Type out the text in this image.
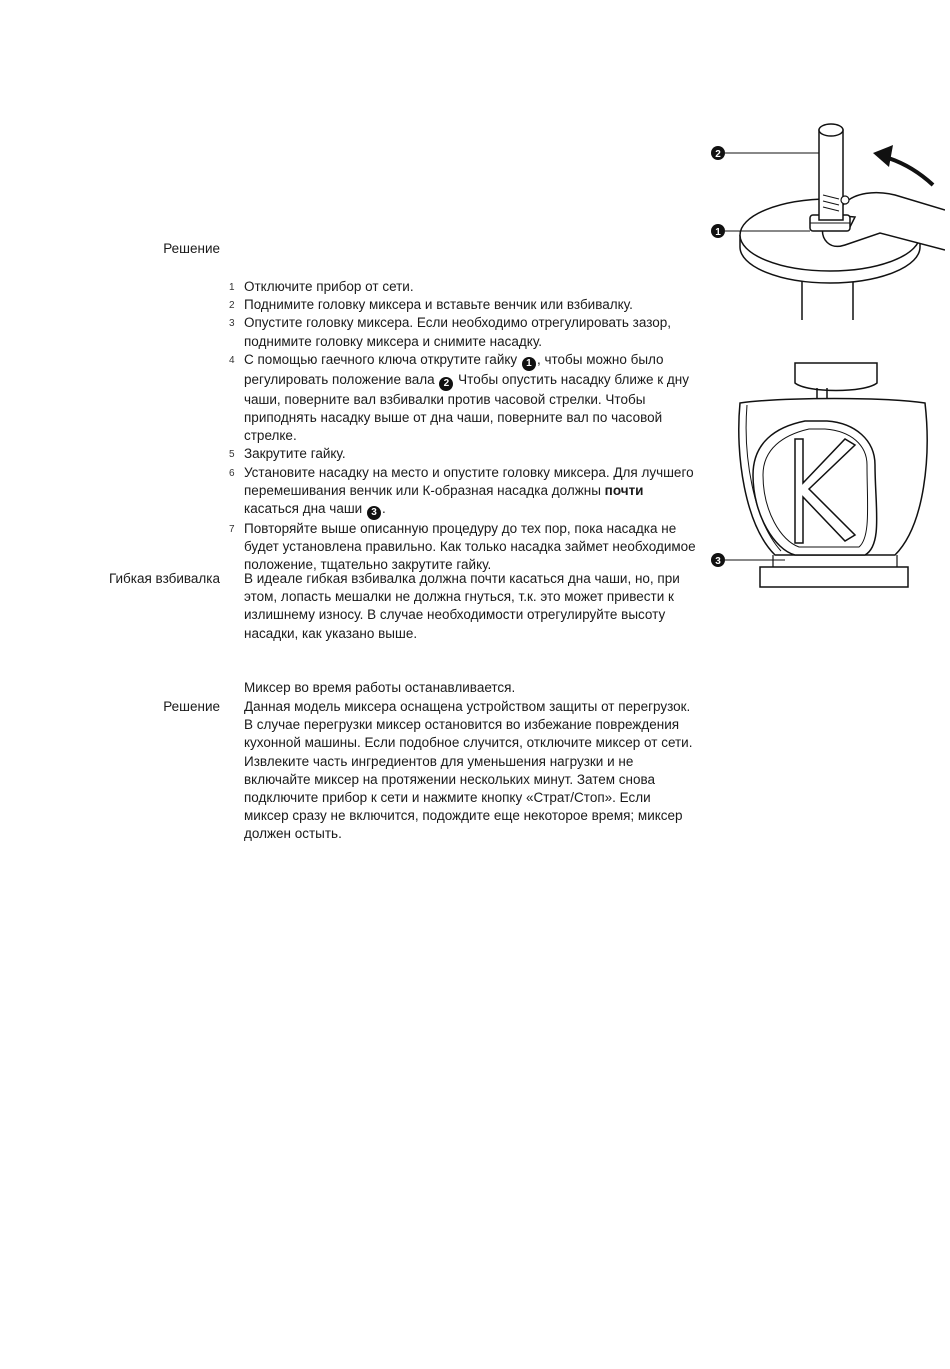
Решение
1 Отключите прибор от сети.
2 Поднимите головку миксера и вставьте венчик или взбивалку.
3 Опустите головку миксера. Если необходимо отрегулировать зазор, поднимите головку миксера и снимите насадку.
4 С помощью гаечного ключа открутите гайку 1 , чтобы можно было регулировать положение вала 2 Чтобы опустить насадку ближе к дну чаши, поверните вал взбивалки против часовой стрелки. Чтобы приподнять насадку выше от дна чаши, поверните вал по часовой стрелке.
5 Закрутите гайку.
6 Установите насадку на место и опустите головку миксера. Для лучшего перемешивания венчик или К-образная насадка должны почти касаться дна чаши 3 .
7 Повторяйте выше описанную процедуру до тех пор, пока насадка не будет установлена правильно. Как только насадка займет необходимое положение, тщательно закрутите гайку.
Гибкая взбивалка В идеале гибкая взбивалка должна почти касаться дна чаши, но, при этом, лопасть мешалки не должна гнуться, т.к. это может привести к излишнему износу. В случае необходимости отрегулируйте высоту насадки, как указано выше.

Миксер во время работы останавливается.

Решение Данная модель миксера оснащена устройством защиты от перегрузок. В случае перегрузки миксер остановится во избежание повреждения кухонной машины. Если подобное случится, отключите миксер от сети. Извлеките часть ингредиентов для уменьшения нагрузки и не включайте миксер на протяжении нескольких минут. Затем снова подключите прибор к сети и нажмите кнопку «Страт/Стоп». Если миксер сразу не включится, подождите еще некоторое время; миксер должен остыть.

2
1
3
